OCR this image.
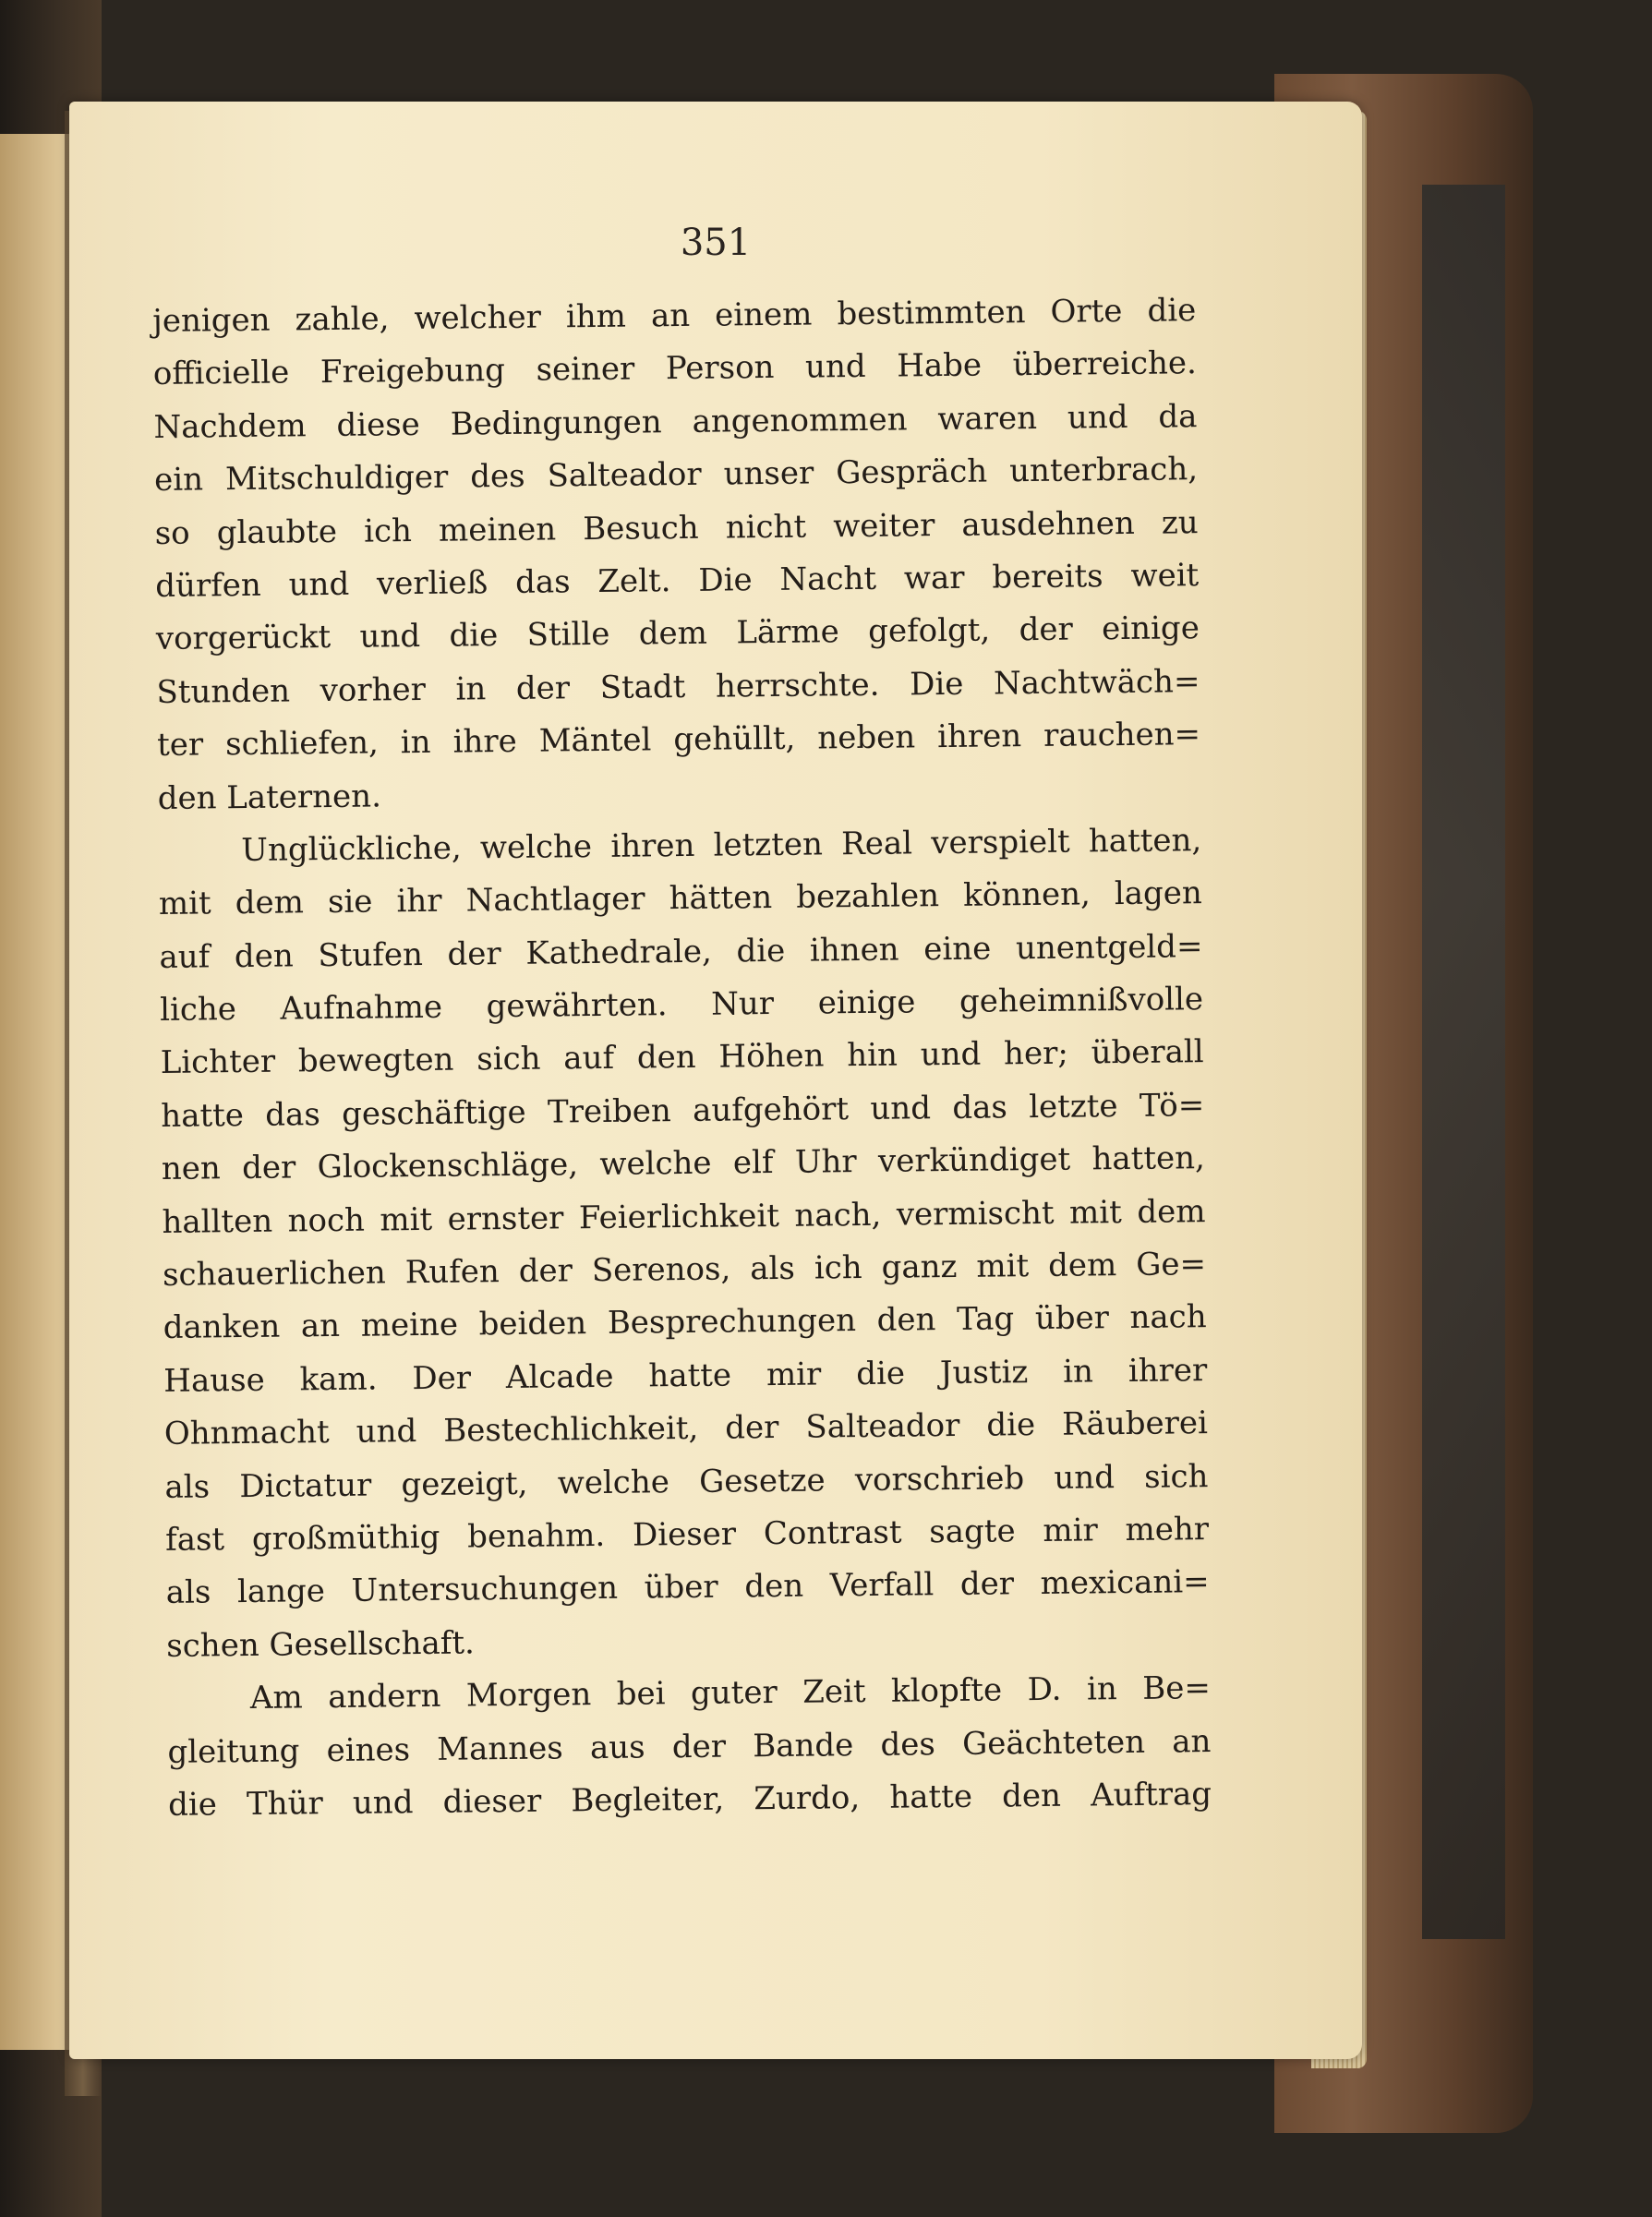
351
jenigen zahle, welcher ihm an einem bestimmten Orte die
officielle Freigebung seiner Person und Habe überreiche.
Nachdem diese Bedingungen angenommen waren und da
ein Mitschuldiger des Salteador unser Gespräch unterbrach,
so glaubte ich meinen Besuch nicht weiter ausdehnen zu
dürfen und verließ das Zelt. Die Nacht war bereits weit
vorgerückt und die Stille dem Lärme gefolgt, der einige
Stunden vorher in der Stadt herrschte. Die Nachtwäch=
ter schliefen, in ihre Mäntel gehüllt, neben ihren rauchen=
den Laternen.
Unglückliche, welche ihren letzten Real verspielt hatten,
mit dem sie ihr Nachtlager hätten bezahlen können, lagen
auf den Stufen der Kathedrale, die ihnen eine unentgeld=
liche Aufnahme gewährten. Nur einige geheimnißvolle
Lichter bewegten sich auf den Höhen hin und her; überall
hatte das geschäftige Treiben aufgehört und das letzte Tö=
nen der Glockenschläge, welche elf Uhr verkündiget hatten,
hallten noch mit ernster Feierlichkeit nach, vermischt mit dem
schauerlichen Rufen der Serenos, als ich ganz mit dem Ge=
danken an meine beiden Besprechungen den Tag über nach
Hause kam. Der Alcade hatte mir die Justiz in ihrer
Ohnmacht und Bestechlichkeit, der Salteador die Räuberei
als Dictatur gezeigt, welche Gesetze vorschrieb und sich
fast großmüthig benahm. Dieser Contrast sagte mir mehr
als lange Untersuchungen über den Verfall der mexicani=
schen Gesellschaft.
Am andern Morgen bei guter Zeit klopfte D. in Be=
gleitung eines Mannes aus der Bande des Geächteten an
die Thür und dieser Begleiter, Zurdo, hatte den Auftrag
